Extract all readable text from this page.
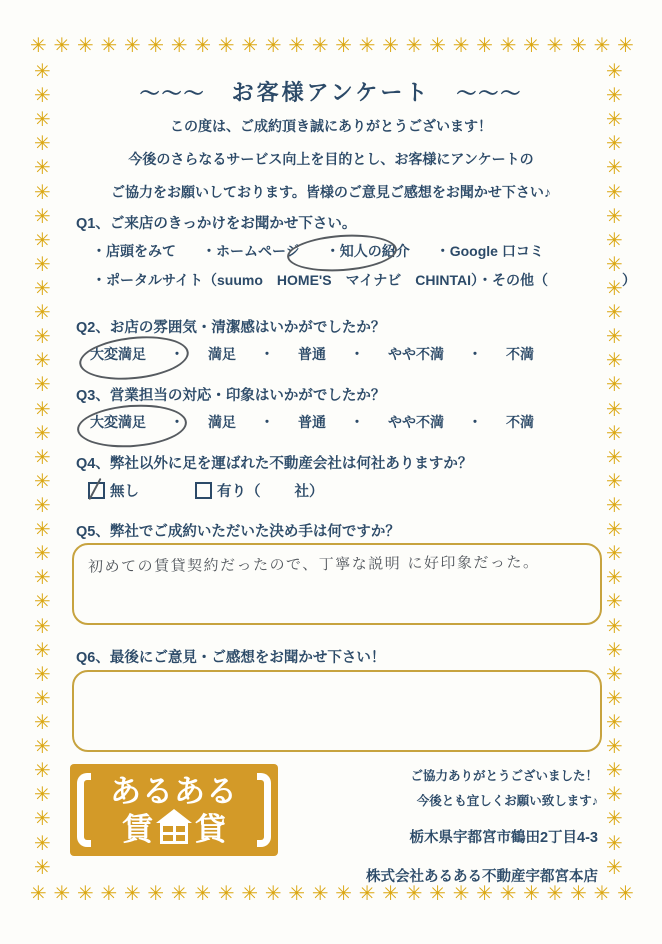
✳ ✳ ✳ ✳ ✳ ✳ ✳ ✳ ✳ ✳ ✳ ✳ ✳ ✳ ✳ ✳ ✳ ✳ ✳ ✳ ✳ ✳ ✳ ✳ ✳ ✳
✳ ✳ ✳ ✳ ✳ ✳ ✳ ✳ ✳ ✳ ✳ ✳ ✳ ✳ ✳ ✳ ✳ ✳ ✳ ✳ ✳ ✳ ✳ ✳ ✳ ✳
✳
✳
✳
✳
✳
✳
✳
✳
✳
✳
✳
✳
✳
✳
✳
✳
✳
✳
✳
✳
✳
✳
✳
✳
✳
✳
✳
✳
✳
✳
✳
✳
✳
✳
✳
✳
✳
✳
✳
✳
✳
✳
✳
✳
✳
✳
✳
✳
✳
✳
✳
✳
✳
✳
✳
✳
✳
✳
✳
✳
✳
✳
✳
✳
✳
✳
✳
✳
～～～ お客様アンケート ～～～
この度は、ご成約頂き誠にありがとうございます！
今後のさらなるサービス向上を目的とし、お客様にアンケートの
ご協力をお願いしております。皆様のご意見ご感想をお聞かせ下さい♪
Q1、ご来店のきっかけをお聞かせ下さい。
・店頭をみて ・ホームページ ・知人の紹介 ・Google 口コミ
・ポータルサイト（suumo　HOME'S　マイナビ　CHINTAI）・その他（	）
Q2、お店の雰囲気・清潔感はいかがでしたか？
大変満足 ・ 満足 ・ 普通 ・ やや不満 ・ 不満
Q3、営業担当の対応・印象はいかがでしたか？
大変満足 ・ 満足 ・ 普通 ・ やや不満 ・ 不満
Q4、弊社以外に足を運ばれた不動産会社は何社ありますか？
無し	有り（ 社）
Q5、弊社でご成約いただいた決め手は何ですか？
初めての賃貸契約だったので、丁寧な説明 に好印象だった。
Q6、最後にご意見・ご感想をお聞かせ下さい！
あるある
賃 貸
ご協力ありがとうございました！
今後とも宜しくお願い致します♪
栃木県宇都宮市鶴田2丁目4-3
株式会社あるある不動産宇都宮本店
